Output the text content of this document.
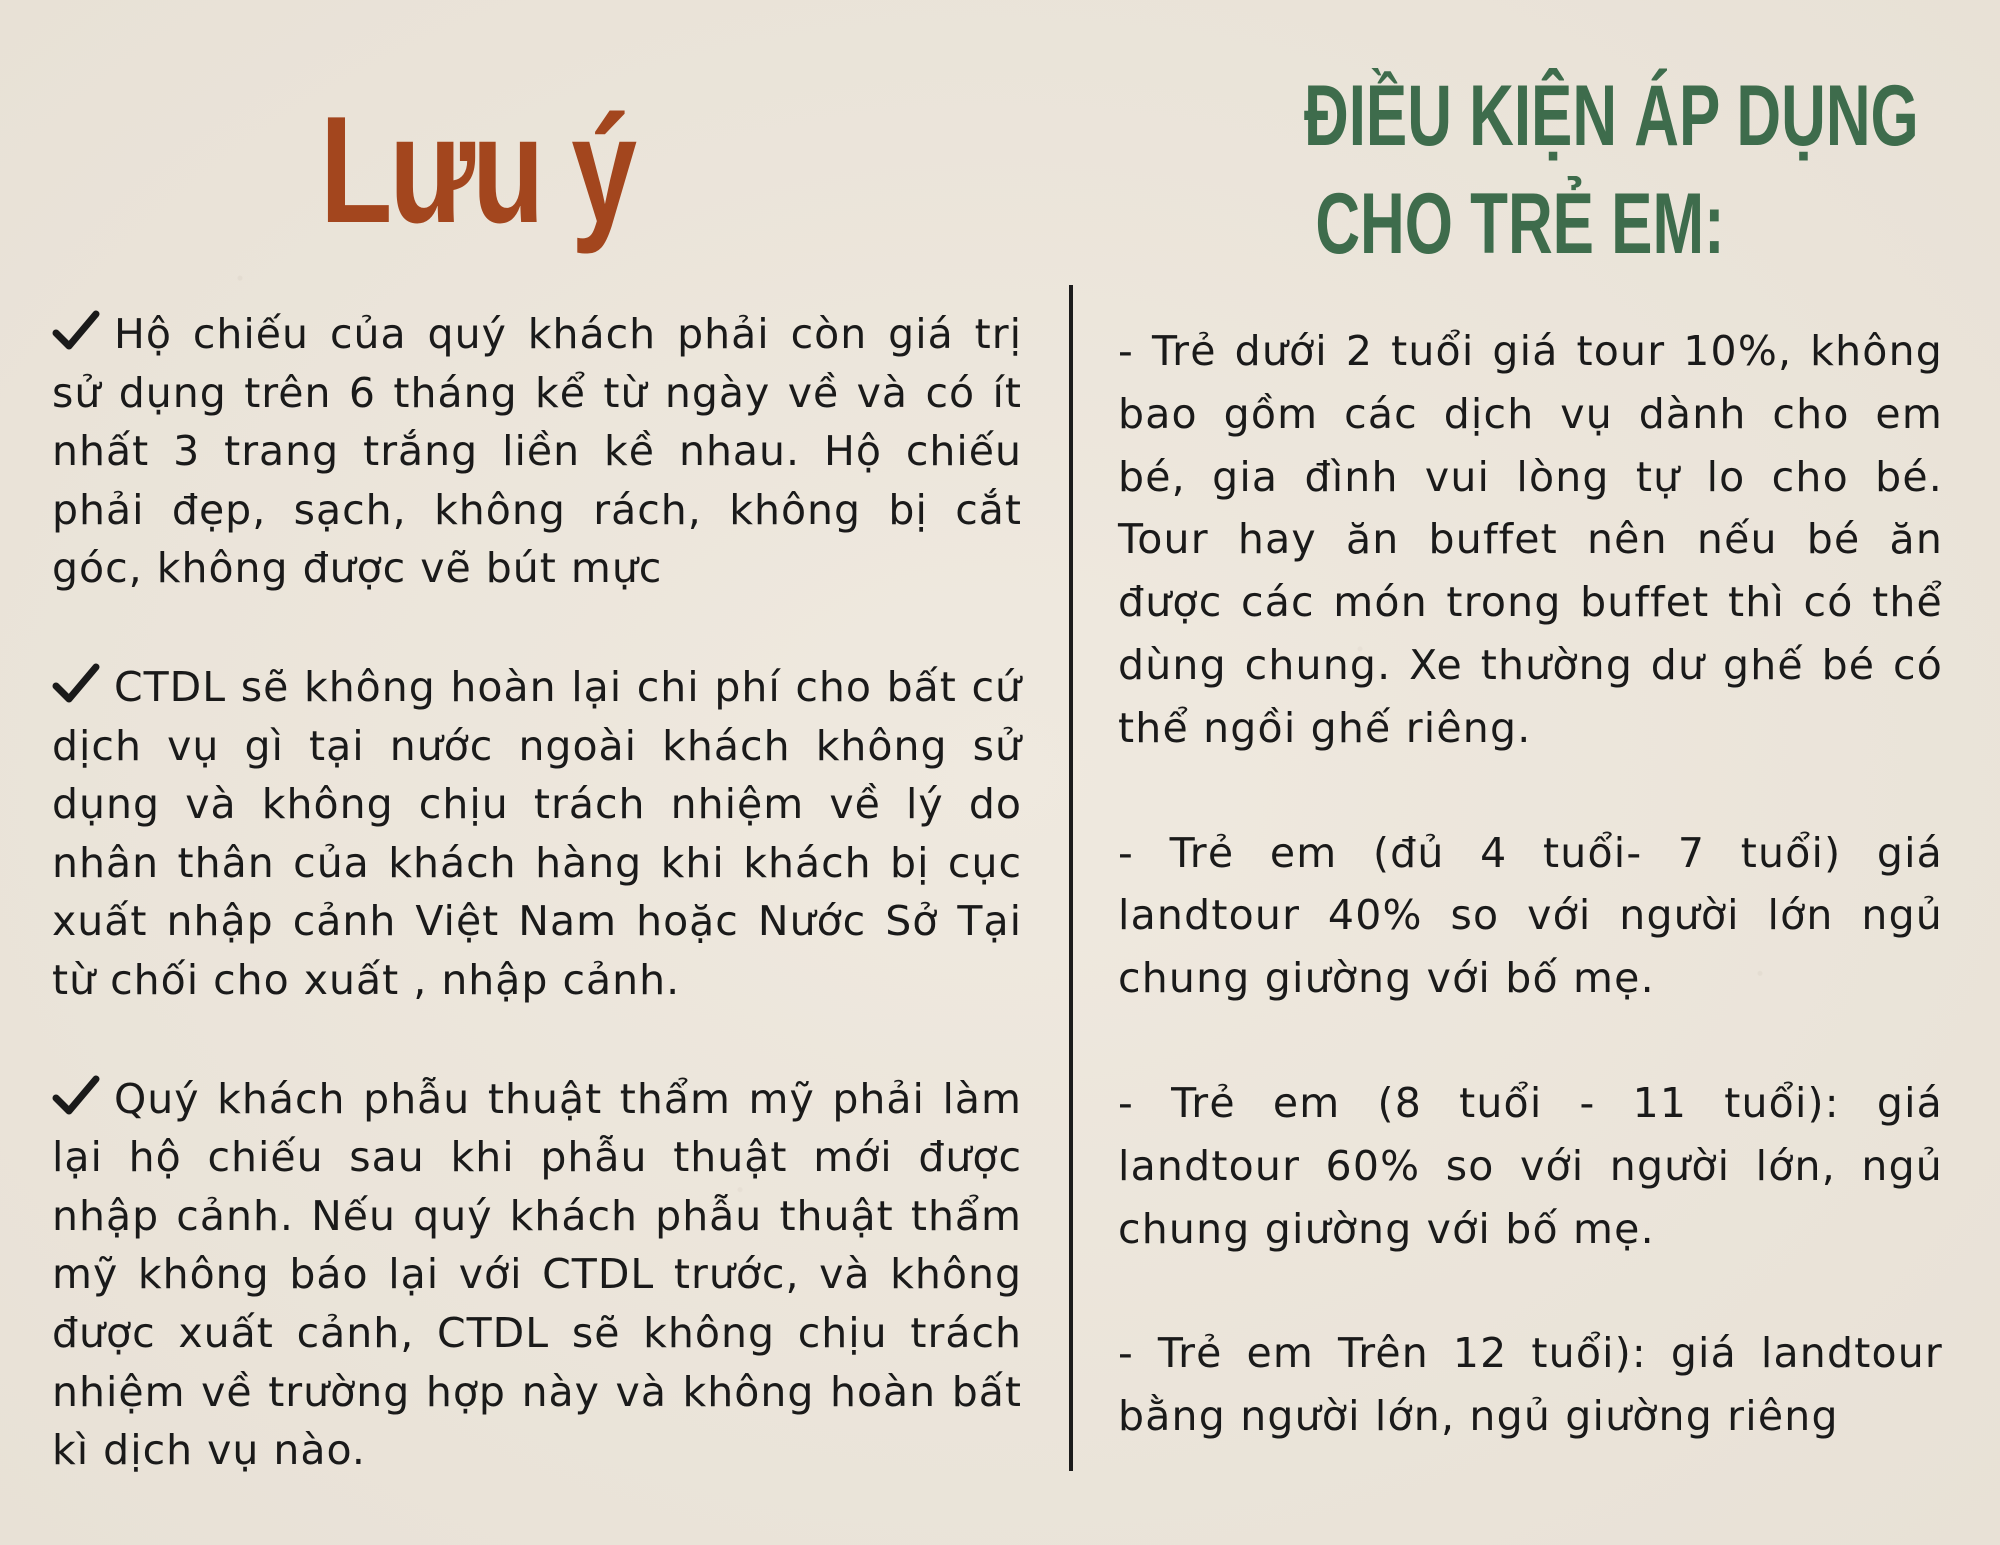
Lưu ý	ĐIỀU KIỆN ÁP DỤNG
CHO TRẺ EM:

Hộ chiếu của quý khách phải còn giá trị sử dụng trên 6 tháng kể từ ngày về và có ít nhất 3 trang trắng liền kề nhau. Hộ chiếu phải đẹp, sạch, không rách, không bị cắt góc, không được vẽ bút mực

CTDL sẽ không hoàn lại chi phí cho bất cứ dịch vụ gì tại nước ngoài khách không sử dụng và không chịu trách nhiệm về lý do nhân thân của khách hàng khi khách bị cục xuất nhập cảnh Việt Nam hoặc Nước Sở Tại từ chối cho xuất , nhập cảnh.

Quý khách phẫu thuật thẩm mỹ phải làm lại hộ chiếu sau khi phẫu thuật mới được nhập cảnh. Nếu quý khách phẫu thuật thẩm mỹ không báo lại với CTDL trước, và không được xuất cảnh, CTDL sẽ không chịu trách nhiệm về trường hợp này và không hoàn bất kì dịch vụ nào.

- Trẻ dưới 2 tuổi giá tour 10%, không bao gồm các dịch vụ dành cho em bé, gia đình vui lòng tự lo cho bé. Tour hay ăn buffet nên nếu bé ăn được các món trong buffet thì có thể dùng chung. Xe thường dư ghế bé có thể ngồi ghế riêng.

- Trẻ em (đủ 4 tuổi- 7 tuổi) giá landtour 40% so với người lớn ngủ chung giường với bố mẹ.

- Trẻ em (8 tuổi - 11 tuổi): giá landtour 60% so với người lớn, ngủ chung giường với bố mẹ.

- Trẻ em Trên 12 tuổi): giá landtour bằng người lớn, ngủ giường riêng
